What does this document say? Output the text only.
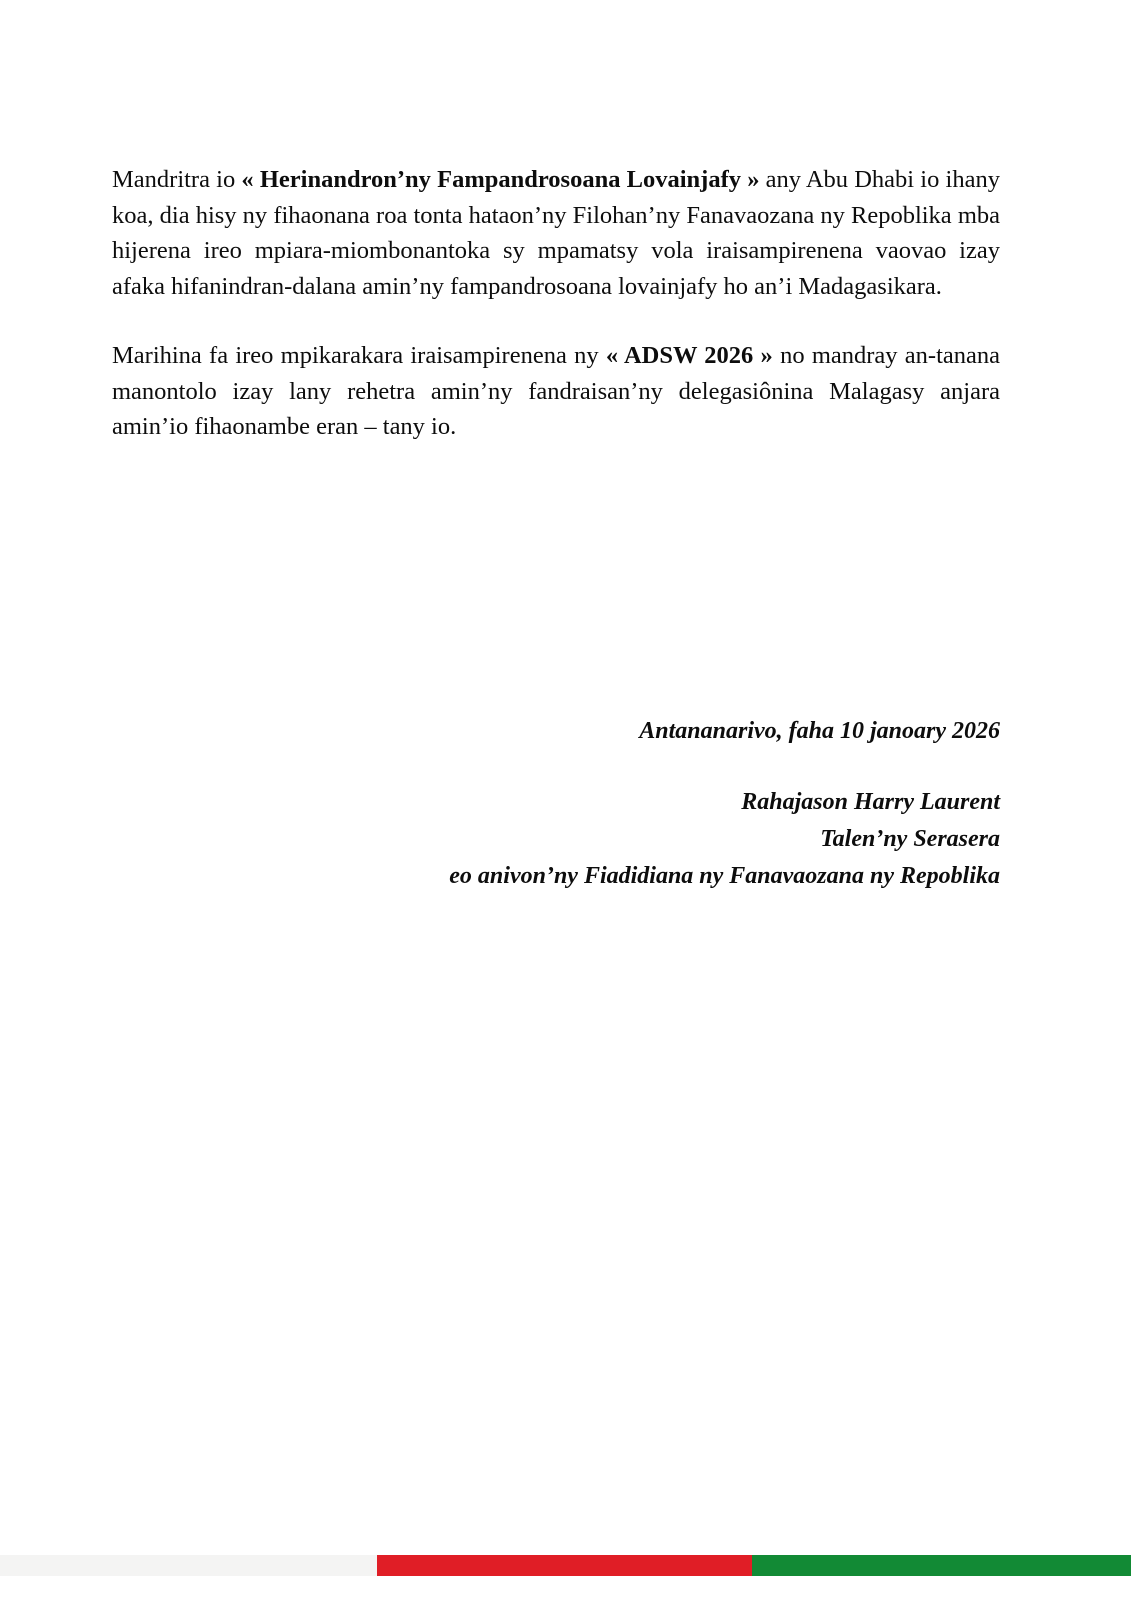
Mandritra io « Herinandron’ny Fampandrosoana Lovainjafy » any Abu Dhabi io ihany koa, dia hisy ny fihaonana roa tonta hataon’ny Filohan’ny Fanavaozana ny Repoblika mba hijerena ireo mpiara-miombonantoka sy mpamatsy vola iraisampirenena vaovao izay afaka hifanindran-dalana amin’ny fampandrosoana lovainjafy ho an’i Madagasikara.

Marihina fa ireo mpikarakara iraisampirenena ny « ADSW 2026 » no mandray an-tanana manontolo izay lany rehetra amin’ny fandraisan’ny delegasiônina Malagasy anjara amin’io fihaonambe eran – tany io.

Antananarivo, faha 10 janoary 2026

Rahajason Harry Laurent

Talen’ny Serasera

eo anivon’ny Fiadidiana ny Fanavaozana ny Repoblika
